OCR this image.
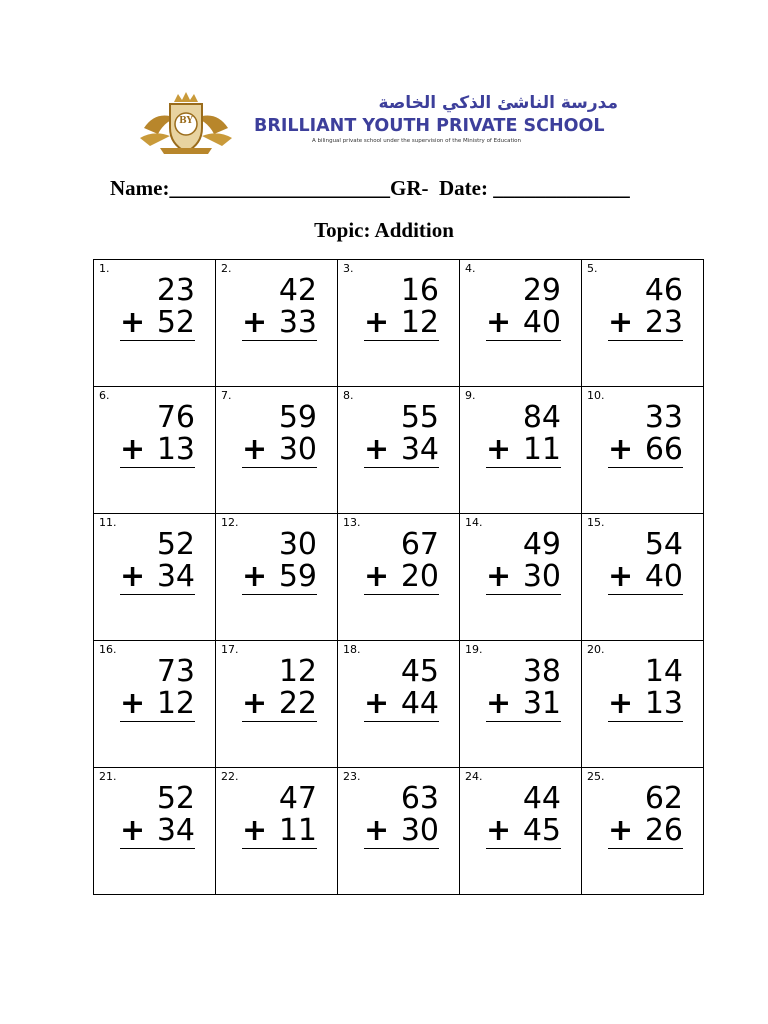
BY
مدرسة الناشئ الذكي الخاصة
BRILLIANT YOUTH PRIVATE SCHOOL
A bilingual private school under the supervision of the Ministry of Education
Name:_____________________GR- Date: _____________
Topic: Addition
1.
23
+ 52
2.
42
+ 33
3.
16
+ 12
4.
29
+ 40
5.
46
+ 23
6.
76
+ 13
7.
59
+ 30
8.
55
+ 34
9.
84
+ 11
10.
33
+ 66
11.
52
+ 34
12.
30
+ 59
13.
67
+ 20
14.
49
+ 30
15.
54
+ 40
16.
73
+ 12
17.
12
+ 22
18.
45
+ 44
19.
38
+ 31
20.
14
+ 13
21.
52
+ 34
22.
47
+ 11
23.
63
+ 30
24.
44
+ 45
25.
62
+ 26
